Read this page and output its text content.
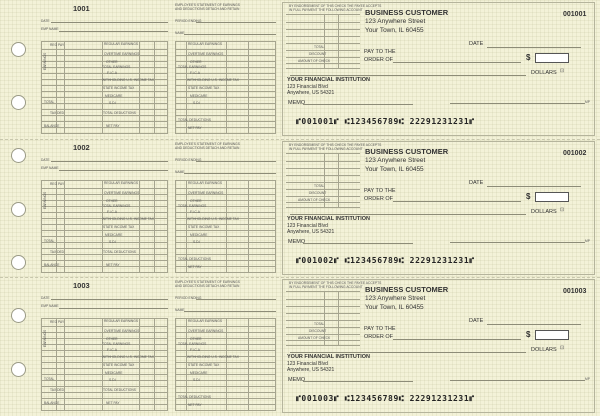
1001
DATE
EMP NAME
REG PAY
EARNINGS
TOTAL
TAX DED
BALANCE
REGULAR EARNINGS
OVERTIME EARNINGS
OTHER
TOTAL EARNINGS
F.I.C.A
WITHHOLDING U.S. INCOME TAX
STATE INCOME TAX
MEDICARE
S.D.I
TOTAL DEDUCTIONS
NET PAY
EMPLOYEE'S STATEMENT OF EARNINGS
AND DEDUCTIONS DETACH AND RETAIN
PERIOD ENDING
NAME
REGULAR EARNINGS
OVERTIME EARNINGS
OTHER
TOTAL EARNINGS
F.I.C.A
WITHHOLDING U.S. INCOME TAX
STATE INCOME TAX
MEDICARE
S.D.I
TOTAL DEDUCTIONS
NET PAY
BY ENDORSEMENT OF THIS CHECK THE PAYEE ACCEPTS
IN FULL PAYMENT THE FOLLOWING ACCOUNT
TOTAL
DISCOUNT
AMOUNT OF CHECK
BUSINESS CUSTOMER
123 Anywhere Street
Your Town, IL 60455
001001
DATE
PAY TO THE
ORDER OF	$
DOLLARS ⊡
YOUR FINANCIAL INSTITUTION
123 Financial Blvd
Anywhere, US 54321
MP
MEMO
⑈001001⑈ ⑆123456789⑆ 22291231231⑈
1002
DATE
EMP NAME
REG PAY
EARNINGS
TOTAL
TAX DED
BALANCE
REGULAR EARNINGS
OVERTIME EARNINGS
OTHER
TOTAL EARNINGS
F.I.C.A
WITHHOLDING U.S. INCOME TAX
STATE INCOME TAX
MEDICARE
S.D.I
TOTAL DEDUCTIONS
NET PAY
EMPLOYEE'S STATEMENT OF EARNINGS
AND DEDUCTIONS DETACH AND RETAIN
PERIOD ENDING
NAME
REGULAR EARNINGS
OVERTIME EARNINGS
OTHER
TOTAL EARNINGS
F.I.C.A
WITHHOLDING U.S. INCOME TAX
STATE INCOME TAX
MEDICARE
S.D.I
TOTAL DEDUCTIONS
NET PAY
BY ENDORSEMENT OF THIS CHECK THE PAYEE ACCEPTS
IN FULL PAYMENT THE FOLLOWING ACCOUNT
TOTAL
DISCOUNT
AMOUNT OF CHECK
BUSINESS CUSTOMER
123 Anywhere Street
Your Town, IL 60455
001002
DATE
PAY TO THE
ORDER OF	$
DOLLARS ⊡
YOUR FINANCIAL INSTITUTION
123 Financial Blvd
Anywhere, US 54321
MP
MEMO
⑈001002⑈ ⑆123456789⑆ 22291231231⑈
1003
DATE
EMP NAME
REG PAY
EARNINGS
TOTAL
TAX DED
BALANCE
REGULAR EARNINGS
OVERTIME EARNINGS
OTHER
TOTAL EARNINGS
F.I.C.A
WITHHOLDING U.S. INCOME TAX
STATE INCOME TAX
MEDICARE
S.D.I
TOTAL DEDUCTIONS
NET PAY
EMPLOYEE'S STATEMENT OF EARNINGS
AND DEDUCTIONS DETACH AND RETAIN
PERIOD ENDING
NAME
REGULAR EARNINGS
OVERTIME EARNINGS
OTHER
TOTAL EARNINGS
F.I.C.A
WITHHOLDING U.S. INCOME TAX
STATE INCOME TAX
MEDICARE
S.D.I
TOTAL DEDUCTIONS
NET PAY
BY ENDORSEMENT OF THIS CHECK THE PAYEE ACCEPTS
IN FULL PAYMENT THE FOLLOWING ACCOUNT
TOTAL
DISCOUNT
AMOUNT OF CHECK
BUSINESS CUSTOMER
123 Anywhere Street
Your Town, IL 60455
001003
DATE
PAY TO THE
ORDER OF	$
DOLLARS ⊡
YOUR FINANCIAL INSTITUTION
123 Financial Blvd
Anywhere, US 54321
MP
MEMO
⑈001003⑈ ⑆123456789⑆ 22291231231⑈
